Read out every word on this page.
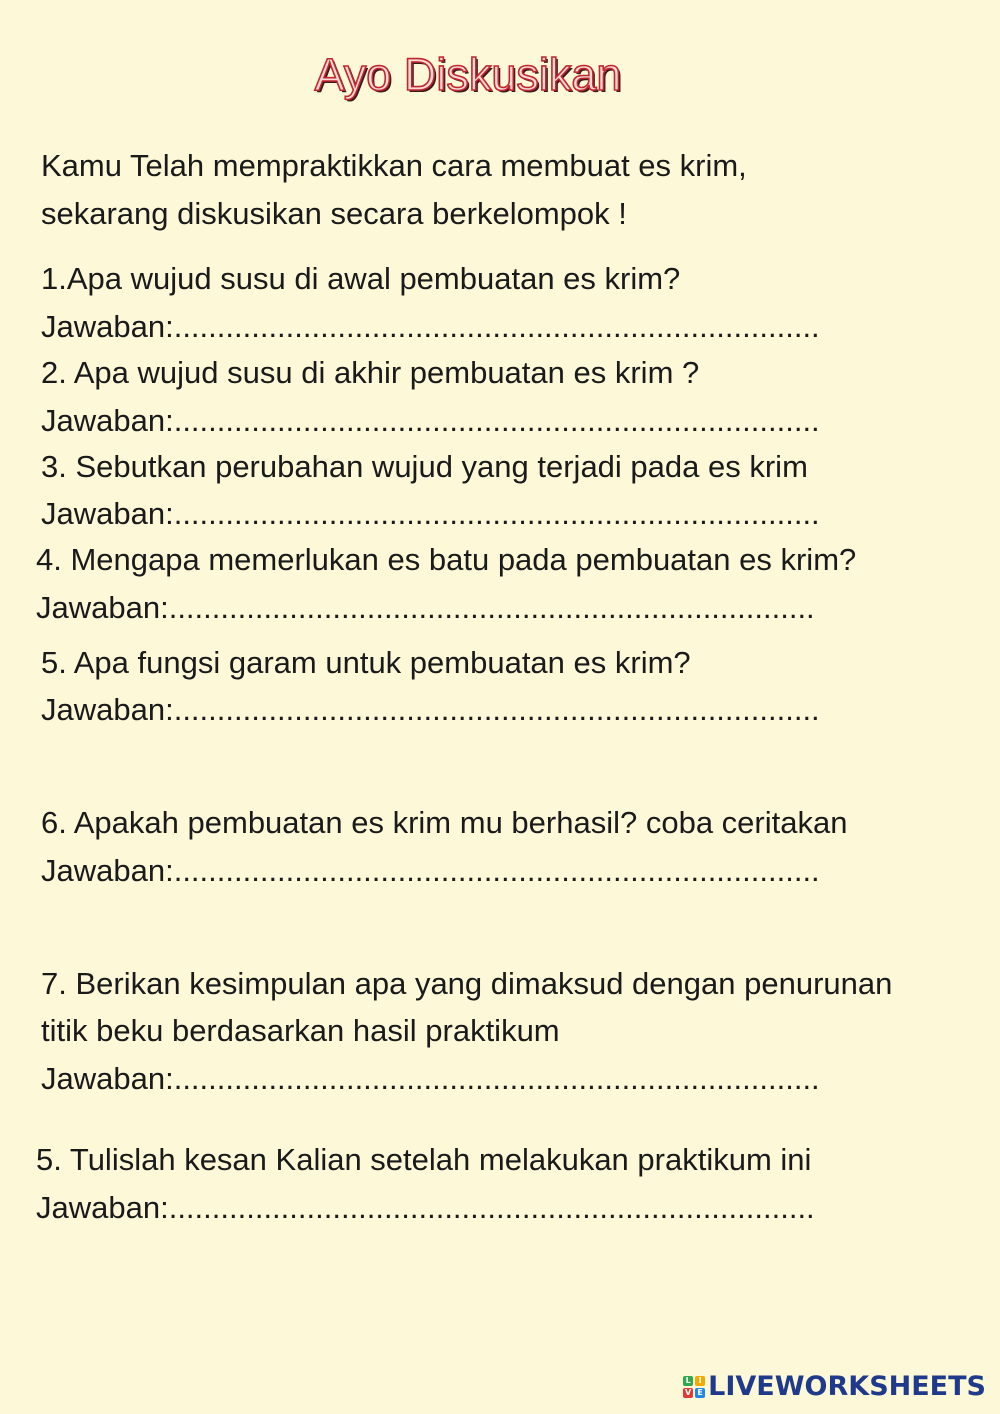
Ayo Diskusikan
Kamu Telah mempraktikkan cara membuat es krim,
sekarang diskusikan secara berkelompok !
1.Apa wujud susu di awal pembuatan es krim?
Jawaban:...........................................................................
2. Apa wujud susu di akhir pembuatan es krim ?
Jawaban:...........................................................................
3. Sebutkan perubahan wujud yang terjadi pada es krim
Jawaban:...........................................................................
4. Mengapa memerlukan es batu pada pembuatan es krim?
Jawaban:...........................................................................
5. Apa fungsi garam untuk pembuatan es krim?
Jawaban:...........................................................................
6. Apakah pembuatan es krim mu berhasil? coba ceritakan
Jawaban:...........................................................................
7. Berikan kesimpulan apa yang dimaksud dengan penurunan
titik beku berdasarkan hasil praktikum
Jawaban:...........................................................................
5. Tulislah kesan Kalian setelah melakukan praktikum ini
Jawaban:...........................................................................
L I
V E LIVEWORKSHEETS
